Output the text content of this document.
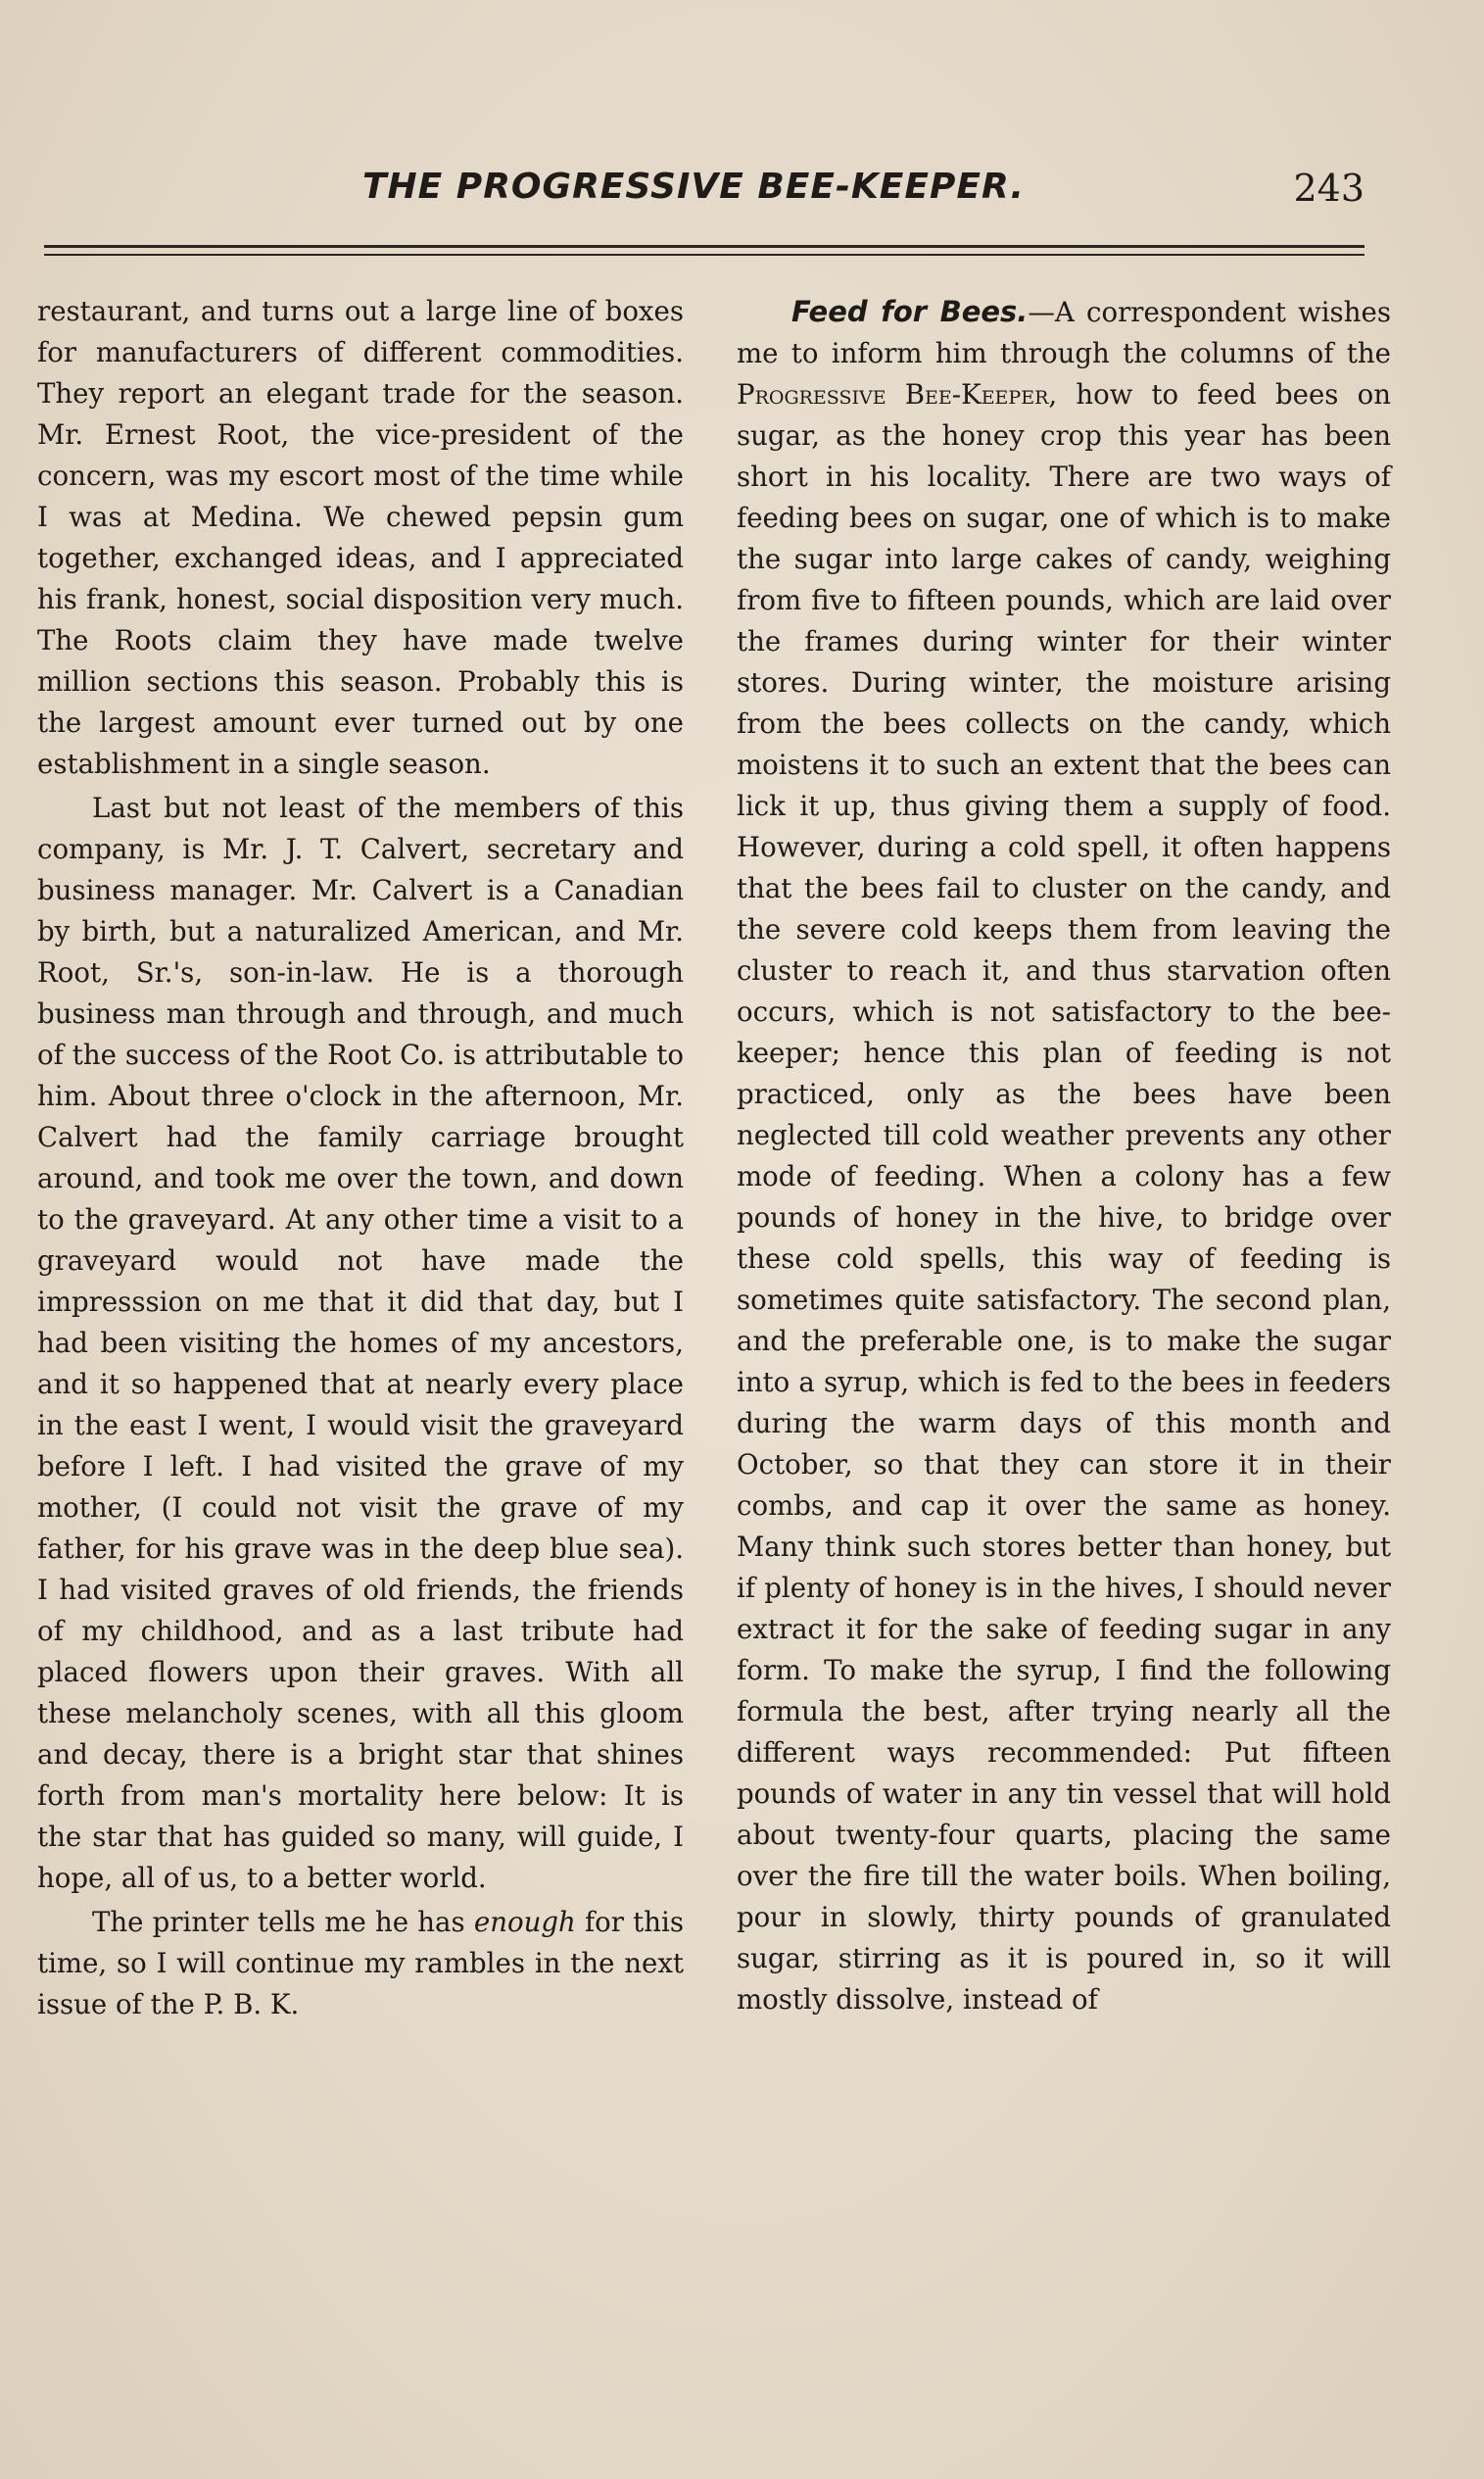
THE PROGRESSIVE BEE-KEEPER.	243

restaurant, and turns out a large line of boxes for manufacturers of different commodities. They report an elegant trade for the season. Mr. Ernest Root, the vice-president of the concern, was my escort most of the time while I was at Medina. We chewed pepsin gum together, exchanged ideas, and I appreciated his frank, honest, social disposition very much. The Roots claim they have made twelve million sections this season. Probably this is the largest amount ever turned out by one establishment in a single season.

Last but not least of the members of this company, is Mr. J. T. Calvert, secretary and business manager. Mr. Calvert is a Canadian by birth, but a naturalized American, and Mr. Root, Sr.'s, son-in-law. He is a thorough business man through and through, and much of the success of the Root Co. is attributable to him. About three o'clock in the afternoon, Mr. Calvert had the family carriage brought around, and took me over the town, and down to the graveyard. At any other time a visit to a graveyard would not have made the impresssion on me that it did that day, but I had been visiting the homes of my ancestors, and it so happened that at nearly every place in the east I went, I would visit the graveyard before I left. I had visited the grave of my mother, (I could not visit the grave of my father, for his grave was in the deep blue sea). I had visited graves of old friends, the friends of my childhood, and as a last tribute had placed flowers upon their graves. With all these melancholy scenes, with all this gloom and decay, there is a bright star that shines forth from man's mortality here below: It is the star that has guided so many, will guide, I hope, all of us, to a better world.

The printer tells me he has enough for this time, so I will continue my rambles in the next issue of the P. B. K.

Feed for Bees.—A correspondent wishes me to inform him through the columns of the Progressive Bee-Keeper, how to feed bees on sugar, as the honey crop this year has been short in his locality. There are two ways of feeding bees on sugar, one of which is to make the sugar into large cakes of candy, weighing from five to fifteen pounds, which are laid over the frames during winter for their winter stores. During winter, the moisture arising from the bees collects on the candy, which moistens it to such an extent that the bees can lick it up, thus giving them a supply of food. However, during a cold spell, it often happens that the bees fail to cluster on the candy, and the severe cold keeps them from leaving the cluster to reach it, and thus starvation often occurs, which is not satisfactory to the bee-keeper; hence this plan of feeding is not practiced, only as the bees have been neglected till cold weather prevents any other mode of feeding. When a colony has a few pounds of honey in the hive, to bridge over these cold spells, this way of feeding is sometimes quite satisfactory. The second plan, and the preferable one, is to make the sugar into a syrup, which is fed to the bees in feeders during the warm days of this month and October, so that they can store it in their combs, and cap it over the same as honey. Many think such stores better than honey, but if plenty of honey is in the hives, I should never extract it for the sake of feeding sugar in any form. To make the syrup, I find the following formula the best, after trying nearly all the different ways recommended: Put fifteen pounds of water in any tin vessel that will hold about twenty-four quarts, placing the same over the fire till the water boils. When boiling, pour in slowly, thirty pounds of granulated sugar, stirring as it is poured in, so it will mostly dissolve, instead of
